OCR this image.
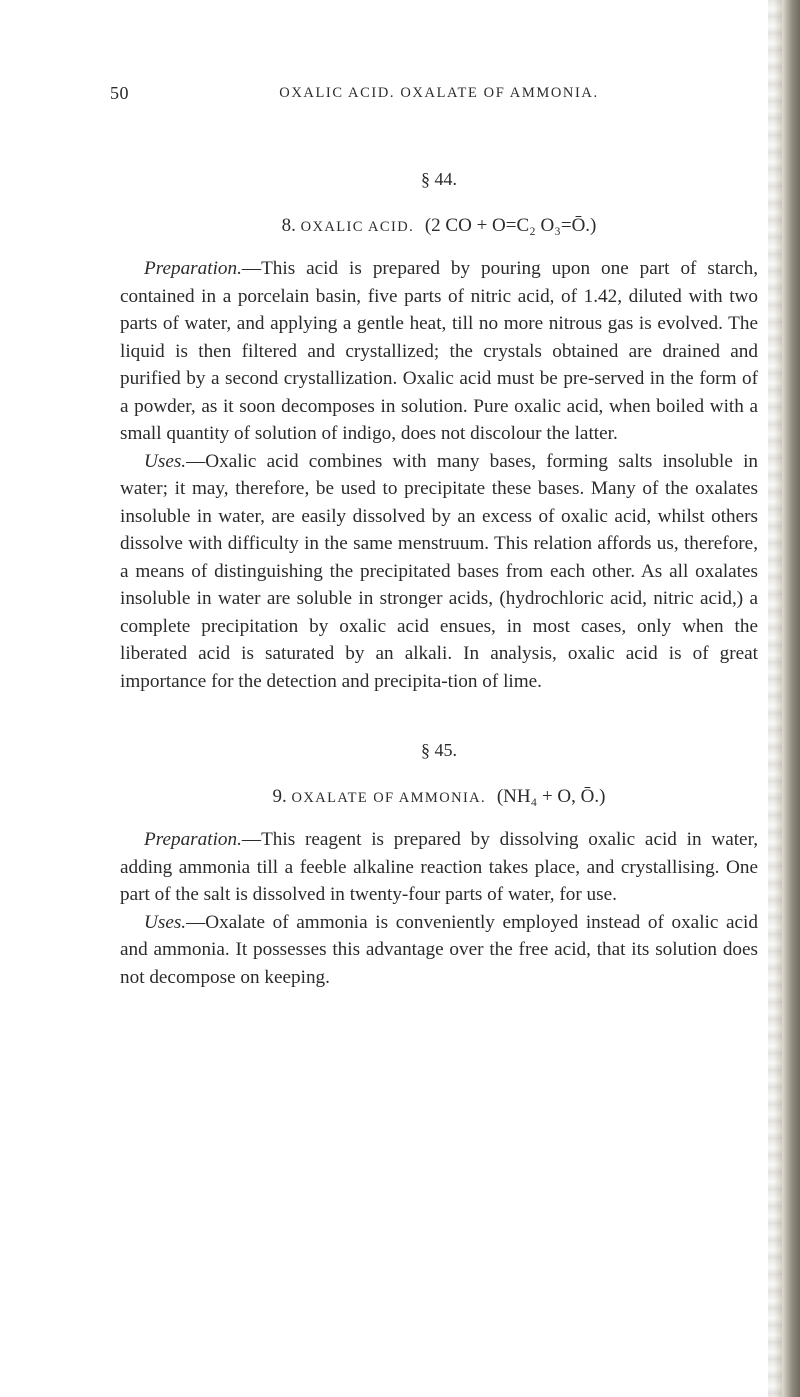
50	OXALIC ACID. OXALATE OF AMMONIA.
§ 44.
8. OXALIC ACID. (2 CO + O=C₂ O₃=Ō.)

Preparation.—This acid is prepared by pouring upon one part of starch, contained in a porcelain basin, five parts of nitric acid, of 1.42, diluted with two parts of water, and applying a gentle heat, till no more nitrous gas is evolved. The liquid is then filtered and crystallized; the crystals obtained are drained and purified by a second crystallization. Oxalic acid must be pre-served in the form of a powder, as it soon decomposes in solution. Pure oxalic acid, when boiled with a small quantity of solution of indigo, does not discolour the latter.

Uses.—Oxalic acid combines with many bases, forming salts insoluble in water; it may, therefore, be used to precipitate these bases. Many of the oxalates insoluble in water, are easily dissolved by an excess of oxalic acid, whilst others dissolve with difficulty in the same menstruum. This relation affords us, therefore, a means of distinguishing the precipitated bases from each other. As all oxalates insoluble in water are soluble in stronger acids, (hydrochloric acid, nitric acid,) a complete precipitation by oxalic acid ensues, in most cases, only when the liberated acid is saturated by an alkali. In analysis, oxalic acid is of great importance for the detection and precipita-tion of lime.

§ 45.
9. OXALATE OF AMMONIA. (NH₄ + O, Ō.)

Preparation.—This reagent is prepared by dissolving oxalic acid in water, adding ammonia till a feeble alkaline reaction takes place, and crystallising. One part of the salt is dissolved in twenty-four parts of water, for use.

Uses.—Oxalate of ammonia is conveniently employed instead of oxalic acid and ammonia. It possesses this advantage over the free acid, that its solution does not decompose on keeping.
